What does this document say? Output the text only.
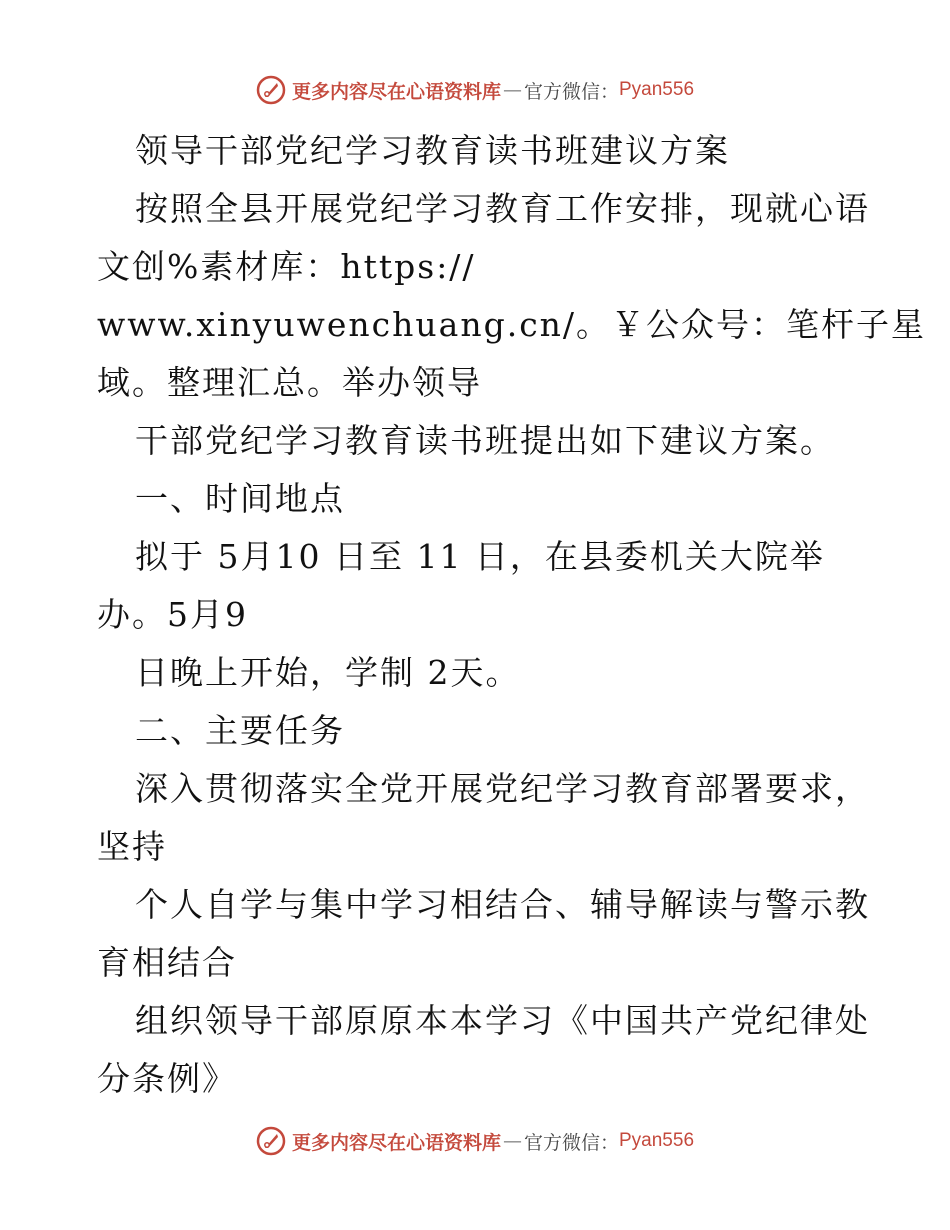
更多内容尽在心语资料库 — 官方微信： Pyan556
领导干部党纪学习教育读书班建议方案
按照全县开展党纪学习教育工作安排，现就心语
文创%素材库：https://
www.xinyuwenchuang.cn/。￥公众号：笔杆子星
域。整理汇总。举办领导
干部党纪学习教育读书班提出如下建议方案。
一、时间地点
拟于 5月10 日至 11 日，在县委机关大院举
办。5月9
日晚上开始，学制 2天。
二、主要任务
深入贯彻落实全党开展党纪学习教育部署要求，
坚持
个人自学与集中学习相结合、辅导解读与警示教
育相结合
组织领导干部原原本本学习《中国共产党纪律处
分条例》
更多内容尽在心语资料库 — 官方微信： Pyan556
